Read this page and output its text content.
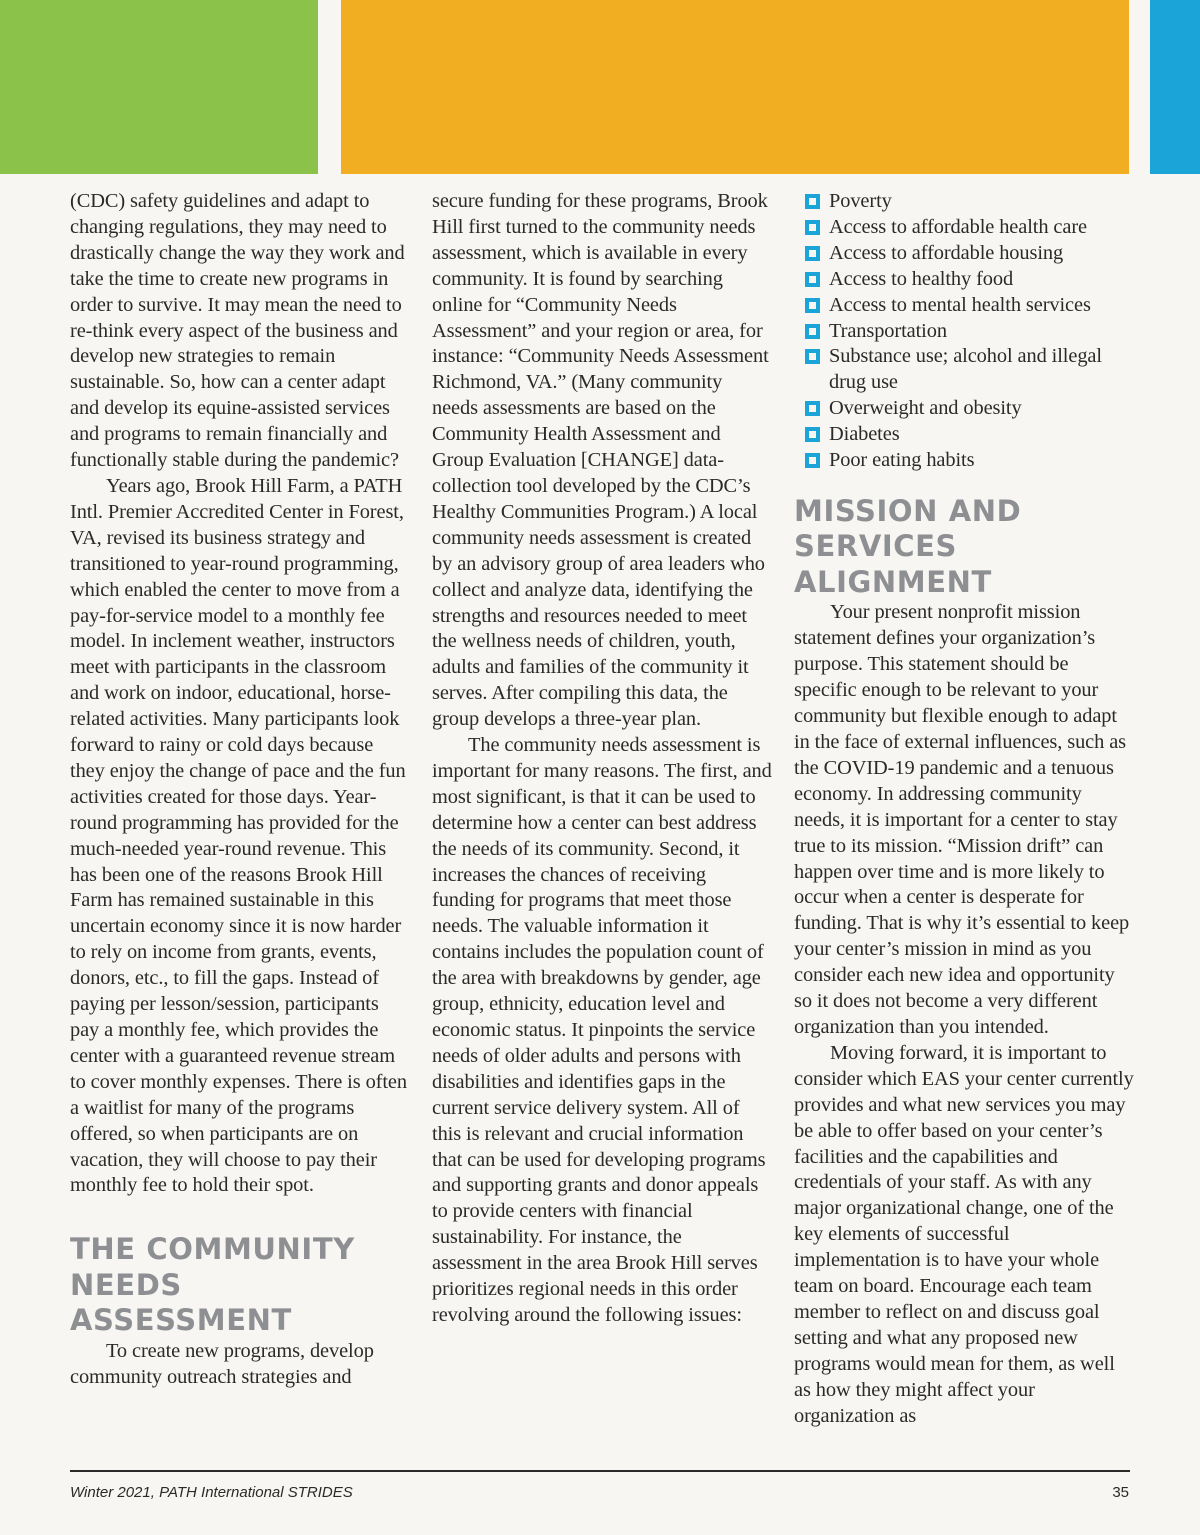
(CDC) safety guidelines and adapt to changing regulations, they may need to drastically change the way they work and take the time to create new programs in order to survive. It may mean the need to re-think every aspect of the business and develop new strategies to remain sustainable. So, how can a center adapt and develop its equine-assisted services and programs to remain financially and functionally stable during the pandemic?

Years ago, Brook Hill Farm, a PATH Intl. Premier Accredited Center in Forest, VA, revised its business strategy and transitioned to year-round programming, which enabled the center to move from a pay-for-service model to a monthly fee model. In inclement weather, instructors meet with participants in the classroom and work on indoor, educational, horse-related activities. Many participants look forward to rainy or cold days because they enjoy the change of pace and the fun activities created for those days. Year-round programming has provided for the much-needed year-round revenue. This has been one of the reasons Brook Hill Farm has remained sustainable in this uncertain economy since it is now harder to rely on income from grants, events, donors, etc., to fill the gaps. Instead of paying per lesson/session, participants pay a monthly fee, which provides the center with a guaranteed revenue stream to cover monthly expenses. There is often a waitlist for many of the programs offered, so when participants are on vacation, they will choose to pay their monthly fee to hold their spot.

THE COMMUNITY NEEDS ASSESSMENT

To create new programs, develop community outreach strategies and

secure funding for these programs, Brook Hill first turned to the community needs assessment, which is available in every community. It is found by searching online for “Community Needs Assessment” and your region or area, for instance: “Community Needs Assessment Richmond, VA.” (Many community needs assessments are based on the Community Health Assessment and Group Evaluation [CHANGE] data-collection tool developed by the CDC’s Healthy Communities Program.) A local community needs assessment is created by an advisory group of area leaders who collect and analyze data, identifying the strengths and resources needed to meet the wellness needs of children, youth, adults and families of the community it serves. After compiling this data, the group develops a three-year plan.

The community needs assessment is important for many reasons. The first, and most significant, is that it can be used to determine how a center can best address the needs of its community. Second, it increases the chances of receiving funding for programs that meet those needs. The valuable information it contains includes the population count of the area with breakdowns by gender, age group, ethnicity, education level and economic status. It pinpoints the service needs of older adults and persons with disabilities and identifies gaps in the current service delivery system. All of this is relevant and crucial information that can be used for developing programs and supporting grants and donor appeals to provide centers with financial sustainability. For instance, the assessment in the area Brook Hill serves prioritizes regional needs in this order revolving around the following issues:

Poverty
Access to affordable health care
Access to affordable housing
Access to healthy food
Access to mental health services
Transportation
Substance use; alcohol and illegal drug use
Overweight and obesity
Diabetes
Poor eating habits
MISSION AND SERVICES ALIGNMENT

Your present nonprofit mission statement defines your organization’s purpose. This statement should be specific enough to be relevant to your community but flexible enough to adapt in the face of external influences, such as the COVID-19 pandemic and a tenuous economy. In addressing community needs, it is important for a center to stay true to its mission. “Mission drift” can happen over time and is more likely to occur when a center is desperate for funding. That is why it’s essential to keep your center’s mission in mind as you consider each new idea and opportunity so it does not become a very different organization than you intended.

Moving forward, it is important to consider which EAS your center currently provides and what new services you may be able to offer based on your center’s facilities and the capabilities and credentials of your staff. As with any major organizational change, one of the key elements of successful implementation is to have your whole team on board. Encourage each team member to reflect on and discuss goal setting and what any proposed new programs would mean for them, as well as how they might affect your organization as

Winter 2021, PATH International STRIDES	35
